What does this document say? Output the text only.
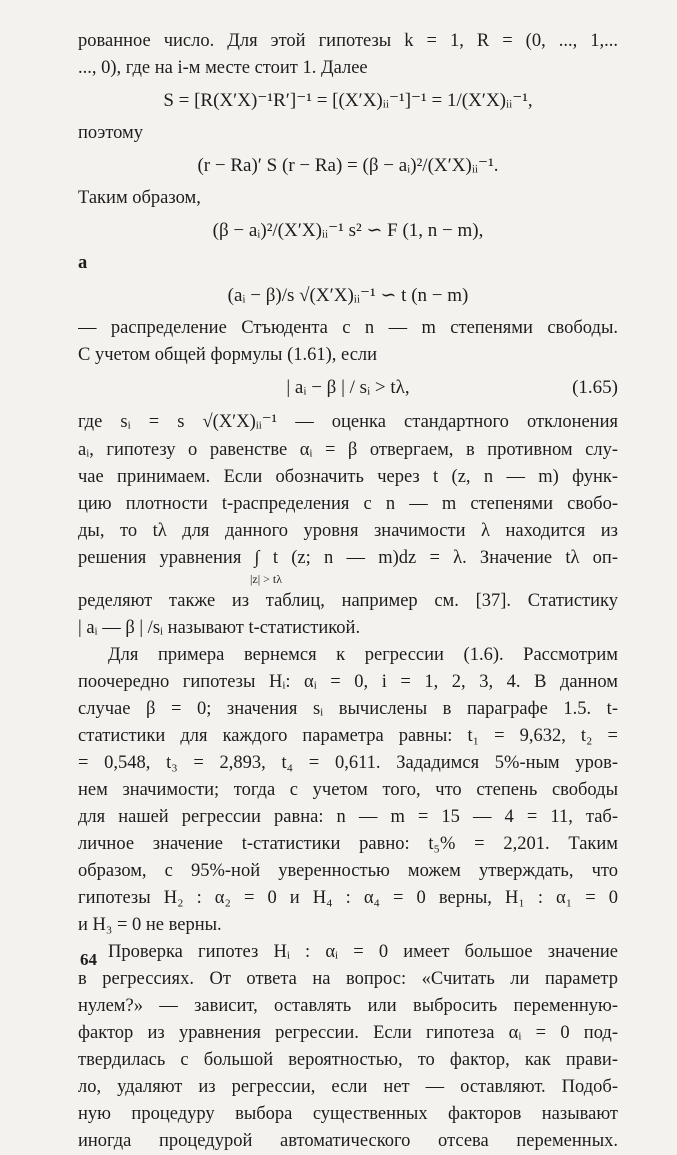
рованное число. Для этой гипотезы k = 1, R = (0, ..., 1,...
..., 0), где на i-м месте стоит 1. Далее
S = [R(X′X)⁻¹R′]⁻¹ = [(X′X)ᵢᵢ⁻¹]⁻¹ = 1/(X′X)ᵢᵢ⁻¹,
поэтому
(r − Ra)′ S (r − Ra) = (β − aᵢ)²/(X′X)ᵢᵢ⁻¹.
Таким образом,
(β − aᵢ)²/(X′X)ᵢᵢ⁻¹ s² ∽ F (1, n − m),
а
(aᵢ − β)/s √(X′X)ᵢᵢ⁻¹ ∽ t (n − m)
— распределение Стъюдента с n — m степенями свободы.
С учетом общей формулы (1.61), если
| aᵢ − β | / sᵢ > tλ,	(1.65)
где sᵢ = s √(X′X)ᵢᵢ⁻¹ — оценка стандартного отклонения
aᵢ, гипотезу о равенстве αᵢ = β отвергаем, в противном слу-
чае принимаем. Если обозначить через t (z, n — m) функ-
цию плотности t-распределения с n — m степенями свобо-
ды, то tλ для данного уровня значимости λ находится из
решения уравнения ∫ t (z; n — m)dz = λ. Значение tλ оп-
|z| > tλ
ределяют также из таблиц, например см. [37]. Статистику
| aᵢ — β | /sᵢ называют t-статистикой.
Для примера вернемся к регрессии (1.6). Рассмотрим
поочередно гипотезы Hᵢ: αᵢ = 0, i = 1, 2, 3, 4. В данном
случае β = 0; значения sᵢ вычислены в параграфе 1.5. t-
статистики для каждого параметра равны: t₁ = 9,632, t₂ =
= 0,548, t₃ = 2,893, t₄ = 0,611. Зададимся 5%-ным уров-
нем значимости; тогда с учетом того, что степень свободы
для нашей регрессии равна: n — m = 15 — 4 = 11, таб-
личное значение t-статистики равно: t₅% = 2,201. Таким
образом, с 95%-ной уверенностью можем утверждать, что
гипотезы H₂ : α₂ = 0 и H₄ : α₄ = 0 верны, H₁ : α₁ = 0
и H₃ = 0 не верны.
Проверка гипотез Hᵢ : αᵢ = 0 имеет большое значение
в регрессиях. От ответа на вопрос: «Считать ли параметр
нулем?» — зависит, оставлять или выбросить переменную-
фактор из уравнения регрессии. Если гипотеза αᵢ = 0 под-
твердилась с большой вероятностью, то фактор, как прави-
ло, удаляют из регрессии, если нет — оставляют. Подоб-
ную процедуру выбора существенных факторов называют
иногда процедурой автоматического отсева переменных.
64
